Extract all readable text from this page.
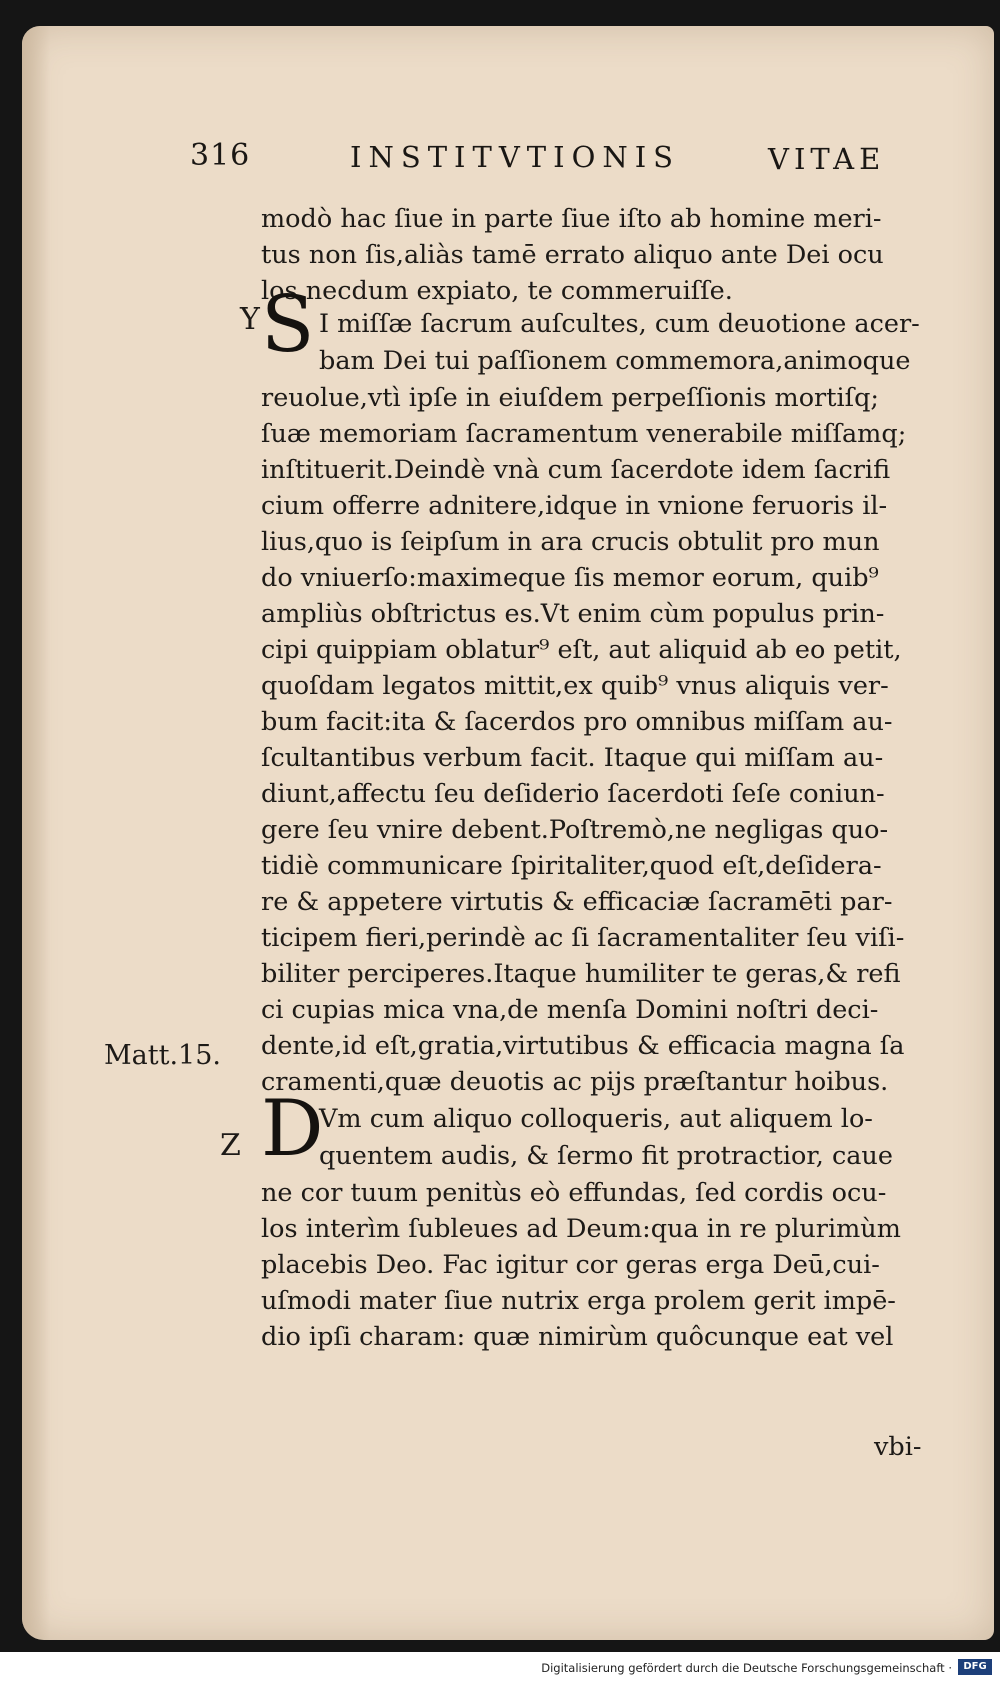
316	INSTITVTIONIS	VITAE
modò hac ſiue in parte ſiue iſto ab homine meri-
tus non ſis,aliàs tamē errato aliquo ante Dei ocu
los necdum expiato, te commeruiſſe.
S I miſſæ ſacrum auſcultes, cum deuotione acer-
bam Dei tui paſſionem commemora,animoque
reuolue,vtì ipſe in eiuſdem perpeſſionis mortiſq;
ſuæ memoriam ſacramentum venerabile miſſamq;
inſtituerit.Deindè vnà cum ſacerdote idem ſacrifi
cium offerre adnitere,idque in vnione feruoris il-
lius,quo is ſeipſum in ara crucis obtulit pro mun
do vniuerſo:maximeque ſis memor eorum, quib⁹
ampliùs obſtrictus es.Vt enim cùm populus prin-
cipi quippiam oblatur⁹ eſt, aut aliquid ab eo petit,
quoſdam legatos mittit,ex quib⁹ vnus aliquis ver-
bum facit:ita & ſacerdos pro omnibus miſſam au-
ſcultantibus verbum facit. Itaque qui miſſam au-
diunt,affectu ſeu deſiderio ſacerdoti ſeſe coniun-
gere ſeu vnire debent.Poſtremò,ne negligas quo-
tidiè communicare ſpiritaliter,quod eſt,deſidera-
re & appetere virtutis & efficaciæ ſacramēti par-
ticipem fieri,perindè ac ſi ſacramentaliter ſeu viſi-
biliter perciperes.Itaque humiliter te geras,& refi
ci cupias mica vna,de menſa Domini noſtri deci-
dente,id eſt,gratia,virtutibus & efficacia magna ſa
cramenti,quæ deuotis ac pijs præſtantur hoibus.
D
Vm cum aliquo colloqueris, aut aliquem lo-
quentem audis, & ſermo fit protractior, caue
ne cor tuum penitùs eò effundas, ſed cordis ocu-
los interìm ſubleues ad Deum:qua in re plurimùm
placebis Deo. Fac igitur cor geras erga Deū,cui-
uſmodi mater ſiue nutrix erga prolem gerit impē-
dio ipſi charam: quæ nimirùm quôcunque eat vel
Y
Z
Matt.15.
vbi-
Digitalisierung gefördert durch die Deutsche Forschungsgemeinschaft ·	DFG
